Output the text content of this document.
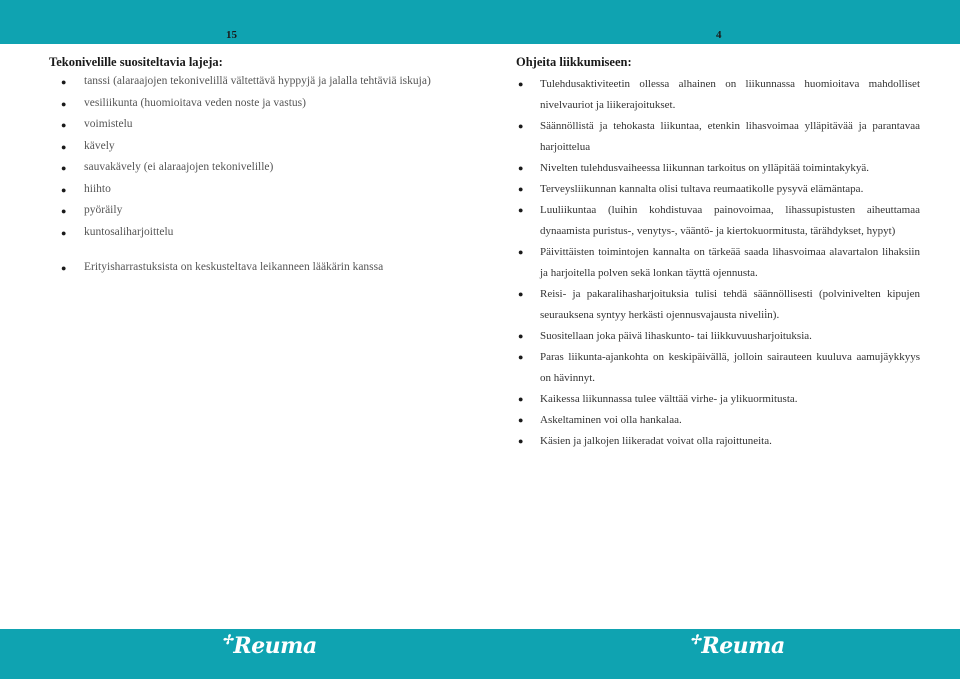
15	4

Tekonivelille suositeltavia lajeja:

● tanssi (alaraajojen tekonivelillä vältettävä hyppyjä ja jalalla tehtäviä iskuja)
● vesiliikunta (huomioitava veden noste ja vastus)
● voimistelu
● kävely
● sauvakävely (ei alaraajojen tekonivelille)
● hiihto
● pyöräily
● kuntosaliharjoittelu
● Erityisharrastuksista on keskusteltava leikanneen lääkärin kanssa

Ohjeita liikkumiseen:

● Tulehdusaktiviteetin ollessa alhainen on liikunnassa huomioitava mahdolliset nivelvauriot ja liikerajoitukset.
● Säännöllistä ja tehokasta liikuntaa, etenkin lihasvoimaa ylläpitävää ja parantavaa harjoittelua
● Nivelten tulehdusvaiheessa liikunnan tarkoitus on ylläpitää toimintakykyä.
● Terveysliikunnan kannalta olisi tultava reumaatikolle pysyvä elämäntapa.
● Luuliikuntaa (luihin kohdistuvaa painovoimaa, lihassupistusten aiheuttamaa dynaamista puristus-, venytys-, vääntö- ja kiertokuormitusta, tärähdykset, hypyt)
● Päivittäisten toimintojen kannalta on tärkeää saada lihasvoimaa alavartalon lihaksiin ja harjoitella polven sekä lonkan täyttä ojennusta.
● Reisi- ja pakaralihasharjoituksia tulisi tehdä säännöllisesti (polvinivelten kipujen seurauksena syntyy herkästi ojennusvajausta nivelii̇n).
● Suositellaan joka päivä lihaskunto- tai liikkuvuusharjoituksia.
● Paras liikunta-ajankohta on keskipäivällä, jolloin sairauteen kuuluva aamujäykkyys on hävinnyt.
● Kaikessa liikunnassa tulee välttää virhe- ja ylikuormitusta.
● Askeltaminen voi olla hankalaa.
● Käsien ja jalkojen liikeradat voivat olla rajoittuneita.
✢Reuma	✢Reuma
